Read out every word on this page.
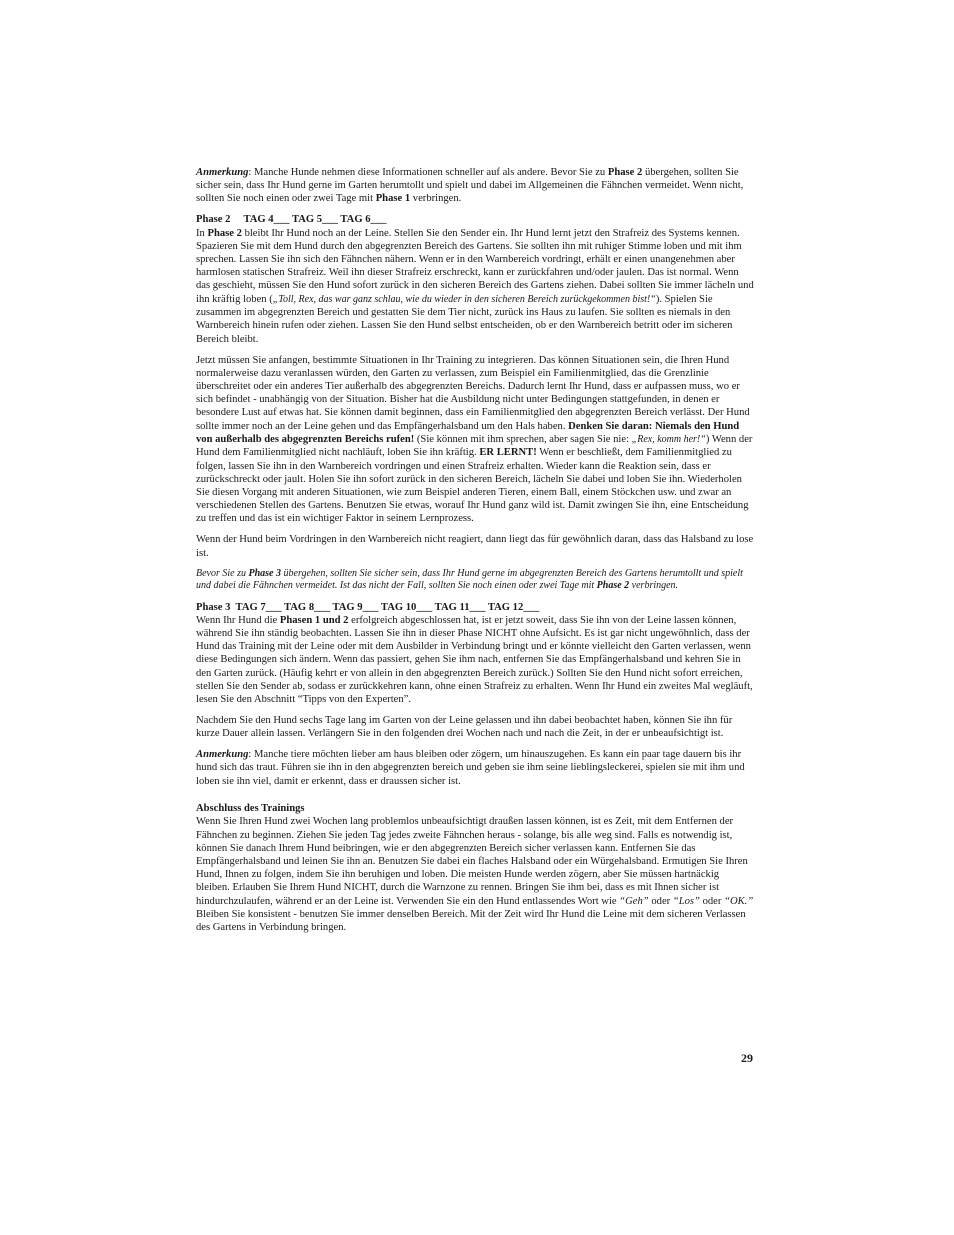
Anmerkung: Manche Hunde nehmen diese Informationen schneller auf als andere. Bevor Sie zu Phase 2 übergehen, sollten Sie sicher sein, dass Ihr Hund gerne im Garten herumtollt und spielt und dabei im Allgemeinen die Fähnchen vermeidet. Wenn nicht, sollten Sie noch einen oder zwei Tage mit Phase 1 verbringen.

Phase 2     TAG 4___ TAG 5___ TAG 6___

In Phase 2 bleibt Ihr Hund noch an der Leine. Stellen Sie den Sender ein. Ihr Hund lernt jetzt den Strafreiz des Systems kennen. Spazieren Sie mit dem Hund durch den abgegrenzten Bereich des Gartens. Sie sollten ihn mit ruhiger Stimme loben und mit ihm sprechen. Lassen Sie ihn sich den Fähnchen nähern. Wenn er in den Warnbereich vordringt, erhält er einen unangenehmen aber harmlosen statischen Strafreiz. Weil ihn dieser Strafreiz erschreckt, kann er zurückfahren und/oder jaulen. Das ist normal. Wenn das geschieht, müssen Sie den Hund sofort zurück in den sicheren Bereich des Gartens ziehen. Dabei sollten Sie immer lächeln und ihn kräftig loben („Toll, Rex, das war ganz schlau, wie du wieder in den sicheren Bereich zurückgekommen bist!“). Spielen Sie zusammen im abgegrenzten Bereich und gestatten Sie dem Tier nicht, zurück ins Haus zu laufen. Sie sollten es niemals in den Warnbereich hinein rufen oder ziehen. Lassen Sie den Hund selbst entscheiden, ob er den Warnbereich betritt oder im sicheren Bereich bleibt.

Jetzt müssen Sie anfangen, bestimmte Situationen in Ihr Training zu integrieren. Das können Situationen sein, die Ihren Hund normalerweise dazu veranlassen würden, den Garten zu verlassen, zum Beispiel ein Familienmitglied, das die Grenzlinie überschreitet oder ein anderes Tier außerhalb des abgegrenzten Bereichs. Dadurch lernt Ihr Hund, dass er aufpassen muss, wo er sich befindet - unabhängig von der Situation. Bisher hat die Ausbildung nicht unter Bedingungen stattgefunden, in denen er besondere Lust auf etwas hat. Sie können damit beginnen, dass ein Familienmitglied den abgegrenzten Bereich verlässt. Der Hund sollte immer noch an der Leine gehen und das Empfängerhalsband um den Hals haben. Denken Sie daran: Niemals den Hund von außerhalb des abgegrenzten Bereichs rufen! (Sie können mit ihm sprechen, aber sagen Sie nie: „Rex, komm her!“) Wenn der Hund dem Familienmitglied nicht nachläuft, loben Sie ihn kräftig. ER LERNT! Wenn er beschließt, dem Familienmitglied zu folgen, lassen Sie ihn in den Warnbereich vordringen und einen Strafreiz erhalten. Wieder kann die Reaktion sein, dass er zurückschreckt oder jault. Holen Sie ihn sofort zurück in den sicheren Bereich, lächeln Sie dabei und loben Sie ihn. Wiederholen Sie diesen Vorgang mit anderen Situationen, wie zum Beispiel anderen Tieren, einem Ball, einem Stöckchen usw. und zwar an verschiedenen Stellen des Gartens. Benutzen Sie etwas, worauf Ihr Hund ganz wild ist. Damit zwingen Sie ihn, eine Entscheidung zu treffen und das ist ein wichtiger Faktor in seinem Lernprozess.

Wenn der Hund beim Vordringen in den Warnbereich nicht reagiert, dann liegt das für gewöhnlich daran, dass das Halsband zu lose ist.

Bevor Sie zu Phase 3 übergehen, sollten Sie sicher sein, dass Ihr Hund gerne im abgegrenzten Bereich des Gartens herumtollt und spielt und dabei die Fähnchen vermeidet. Ist das nicht der Fall, sollten Sie noch einen oder zwei Tage mit Phase 2 verbringen.

Phase 3  TAG 7___ TAG 8___ TAG 9___ TAG 10___ TAG 11___ TAG 12___

Wenn Ihr Hund die Phasen 1 und 2 erfolgreich abgeschlossen hat, ist er jetzt soweit, dass Sie ihn von der Leine lassen können, während Sie ihn ständig beobachten. Lassen Sie ihn in dieser Phase NICHT ohne Aufsicht. Es ist gar nicht ungewöhnlich, dass der Hund das Training mit der Leine oder mit dem Ausbilder in Verbindung bringt und er könnte vielleicht den Garten verlassen, wenn diese Bedingungen sich ändern. Wenn das passiert, gehen Sie ihm nach, entfernen Sie das Empfängerhalsband und kehren Sie in den Garten zurück. (Häufig kehrt er von allein in den abgegrenzten Bereich zurück.) Sollten Sie den Hund nicht sofort erreichen, stellen Sie den Sender ab, sodass er zurückkehren kann, ohne einen Strafreiz zu erhalten. Wenn Ihr Hund ein zweites Mal wegläuft, lesen Sie den Abschnitt “Tipps von den Experten”.

Nachdem Sie den Hund sechs Tage lang im Garten von der Leine gelassen und ihn dabei beobachtet haben, können Sie ihn für kurze Dauer allein lassen. Verlängern Sie in den folgenden drei Wochen nach und nach die Zeit, in der er unbeaufsichtigt ist.

Anmerkung: Manche tiere möchten lieber am haus bleiben oder zögern, um hinauszugehen. Es kann ein paar tage dauern bis ihr hund sich das traut. Führen sie ihn in den abgegrenzten bereich und geben sie ihm seine lieblingsleckerei, spielen sie mit ihm und loben sie ihn viel, damit er erkennt, dass er draussen sicher ist.

Abschluss des Trainings

Wenn Sie Ihren Hund zwei Wochen lang problemlos unbeaufsichtigt draußen lassen können, ist es Zeit, mit dem Entfernen der Fähnchen zu beginnen. Ziehen Sie jeden Tag jedes zweite Fähnchen heraus - solange, bis alle weg sind. Falls es notwendig ist, können Sie danach Ihrem Hund beibringen, wie er den abgegrenzten Bereich sicher verlassen kann. Entfernen Sie das Empfängerhalsband und leinen Sie ihn an. Benutzen Sie dabei ein flaches Halsband oder ein Würgehalsband. Ermutigen Sie Ihren Hund, Ihnen zu folgen, indem Sie ihn beruhigen und loben. Die meisten Hunde werden zögern, aber Sie müssen hartnäckig bleiben. Erlauben Sie Ihrem Hund NICHT, durch die Warnzone zu rennen. Bringen Sie ihm bei, dass es mit Ihnen sicher ist hindurchzulaufen, während er an der Leine ist. Verwenden Sie ein den Hund entlassendes Wort wie “Geh” oder “Los” oder “OK.” Bleiben Sie konsistent - benutzen Sie immer denselben Bereich. Mit der Zeit wird Ihr Hund die Leine mit dem sicheren Verlassen des Gartens in Verbindung bringen.

29
